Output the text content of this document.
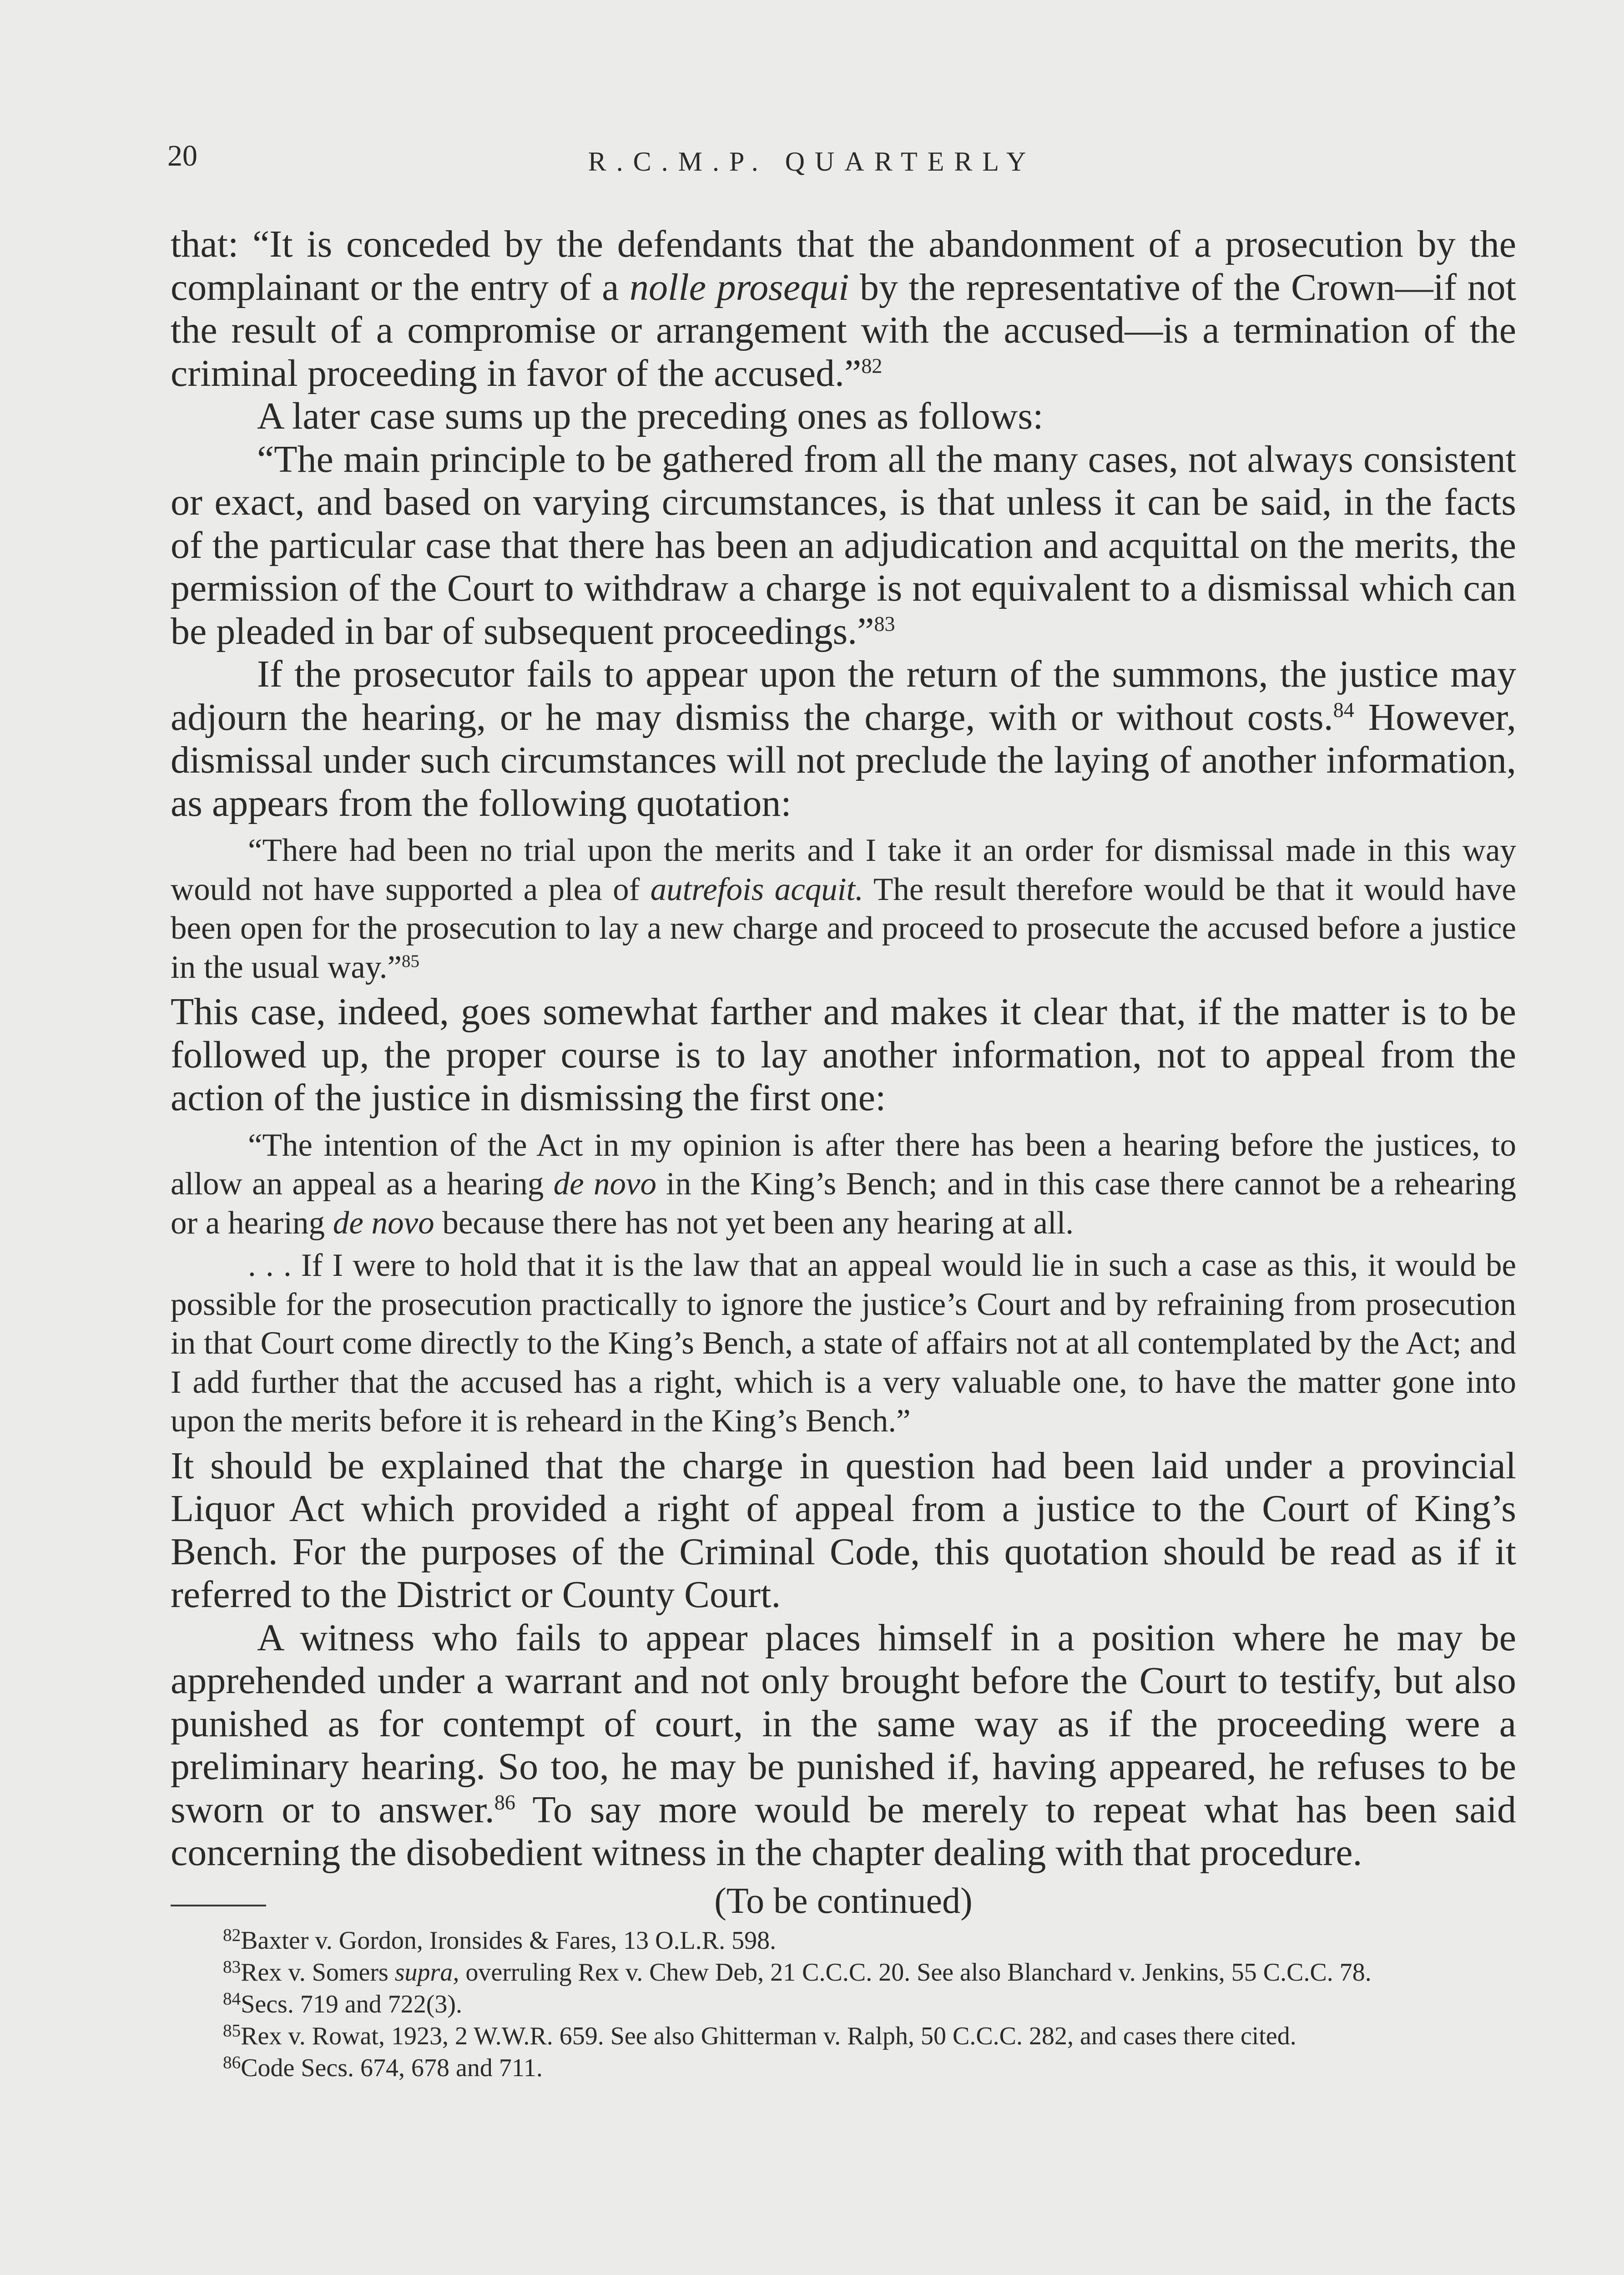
20	R.C.M.P. QUARTERLY

that: “It is conceded by the defendants that the abandonment of a prosecution by the complainant or the entry of a nolle prosequi by the representative of the Crown—if not the result of a compromise or arrangement with the accused—is a termination of the criminal proceeding in favor of the accused.”$^{82}$

A later case sums up the preceding ones as follows:

“The main principle to be gathered from all the many cases, not always consistent or exact, and based on varying circumstances, is that unless it can be said, in the facts of the particular case that there has been an adjudication and acquittal on the merits, the permission of the Court to withdraw a charge is not equivalent to a dismissal which can be pleaded in bar of subsequent proceedings.”$^{83}$

If the prosecutor fails to appear upon the return of the summons, the justice may adjourn the hearing, or he may dismiss the charge, with or without costs.$^{84}$ However, dismissal under such circumstances will not preclude the laying of another information, as appears from the following quotation:

“There had been no trial upon the merits and I take it an order for dismissal made in this way would not have supported a plea of autrefois acquit. The result therefore would be that it would have been open for the prosecution to lay a new charge and proceed to prosecute the accused before a justice in the usual way.”$^{85}$

This case, indeed, goes somewhat farther and makes it clear that, if the matter is to be followed up, the proper course is to lay another information, not to appeal from the action of the justice in dismissing the first one:

“The intention of the Act in my opinion is after there has been a hearing before the justices, to allow an appeal as a hearing de novo in the King’s Bench; and in this case there cannot be a rehearing or a hearing de novo because there has not yet been any hearing at all.

. . . If I were to hold that it is the law that an appeal would lie in such a case as this, it would be possible for the prosecution practically to ignore the justice’s Court and by refraining from prosecution in that Court come directly to the King’s Bench, a state of affairs not at all contemplated by the Act; and I add further that the accused has a right, which is a very valuable one, to have the matter gone into upon the merits before it is reheard in the King’s Bench.”

It should be explained that the charge in question had been laid under a provincial Liquor Act which provided a right of appeal from a justice to the Court of King’s Bench. For the purposes of the Criminal Code, this quotation should be read as if it referred to the District or County Court.

A witness who fails to appear places himself in a position where he may be apprehended under a warrant and not only brought before the Court to testify, but also punished as for contempt of court, in the same way as if the proceeding were a preliminary hearing. So too, he may be punished if, having appeared, he refuses to be sworn or to answer.$^{86}$ To say more would be merely to repeat what has been said concerning the disobedient witness in the chapter dealing with that procedure.

(To be continued)

$^{82}$Baxter v. Gordon, Ironsides & Fares, 13 O.L.R. 598.

$^{83}$Rex v. Somers supra, overruling Rex v. Chew Deb, 21 C.C.C. 20. See also Blanchard v. Jenkins, 55 C.C.C. 78.

$^{84}$Secs. 719 and 722(3).

$^{85}$Rex v. Rowat, 1923, 2 W.W.R. 659. See also Ghitterman v. Ralph, 50 C.C.C. 282, and cases there cited.

$^{86}$Code Secs. 674, 678 and 711.
